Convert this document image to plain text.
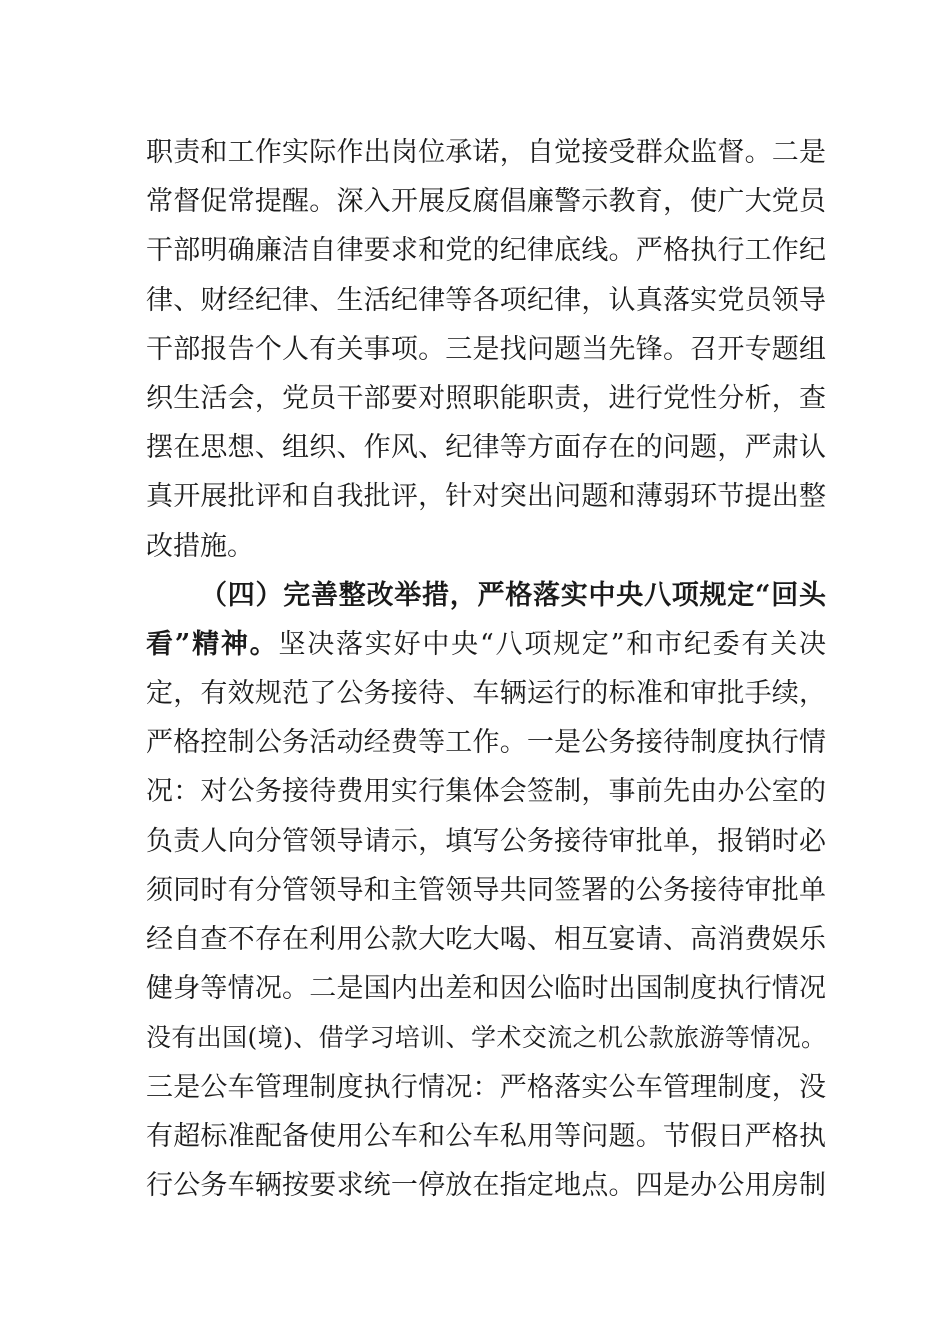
职责和工作实际作出岗位承诺，自觉接受群众监督。二是
常督促常提醒。深入开展反腐倡廉警示教育，使广大党员
干部明确廉洁自律要求和党的纪律底线。严格执行工作纪
律、财经纪律、生活纪律等各项纪律，认真落实党员领导
干部报告个人有关事项。三是找问题当先锋。召开专题组
织生活会，党员干部要对照职能职责，进行党性分析，查
摆在思想、组织、作风、纪律等方面存在的问题，严肃认
真开展批评和自我批评，针对突出问题和薄弱环节提出整
改措施。
（四）完善整改举措，严格落实中央八项规定“回头
看”精神。坚决落实好中央“八项规定”和市纪委有关决
定，有效规范了公务接待、车辆运行的标准和审批手续，
严格控制公务活动经费等工作。一是公务接待制度执行情
况：对公务接待费用实行集体会签制，事前先由办公室的
负责人向分管领导请示，填写公务接待审批单，报销时必
须同时有分管领导和主管领导共同签署的公务接待审批单
经自查不存在利用公款大吃大喝、相互宴请、高消费娱乐
健身等情况。二是国内出差和因公临时出国制度执行情况
没有出国(境)、借学习培训、学术交流之机公款旅游等情况。
三是公车管理制度执行情况：严格落实公车管理制度，没
有超标准配备使用公车和公车私用等问题。节假日严格执
行公务车辆按要求统一停放在指定地点。四是办公用房制
